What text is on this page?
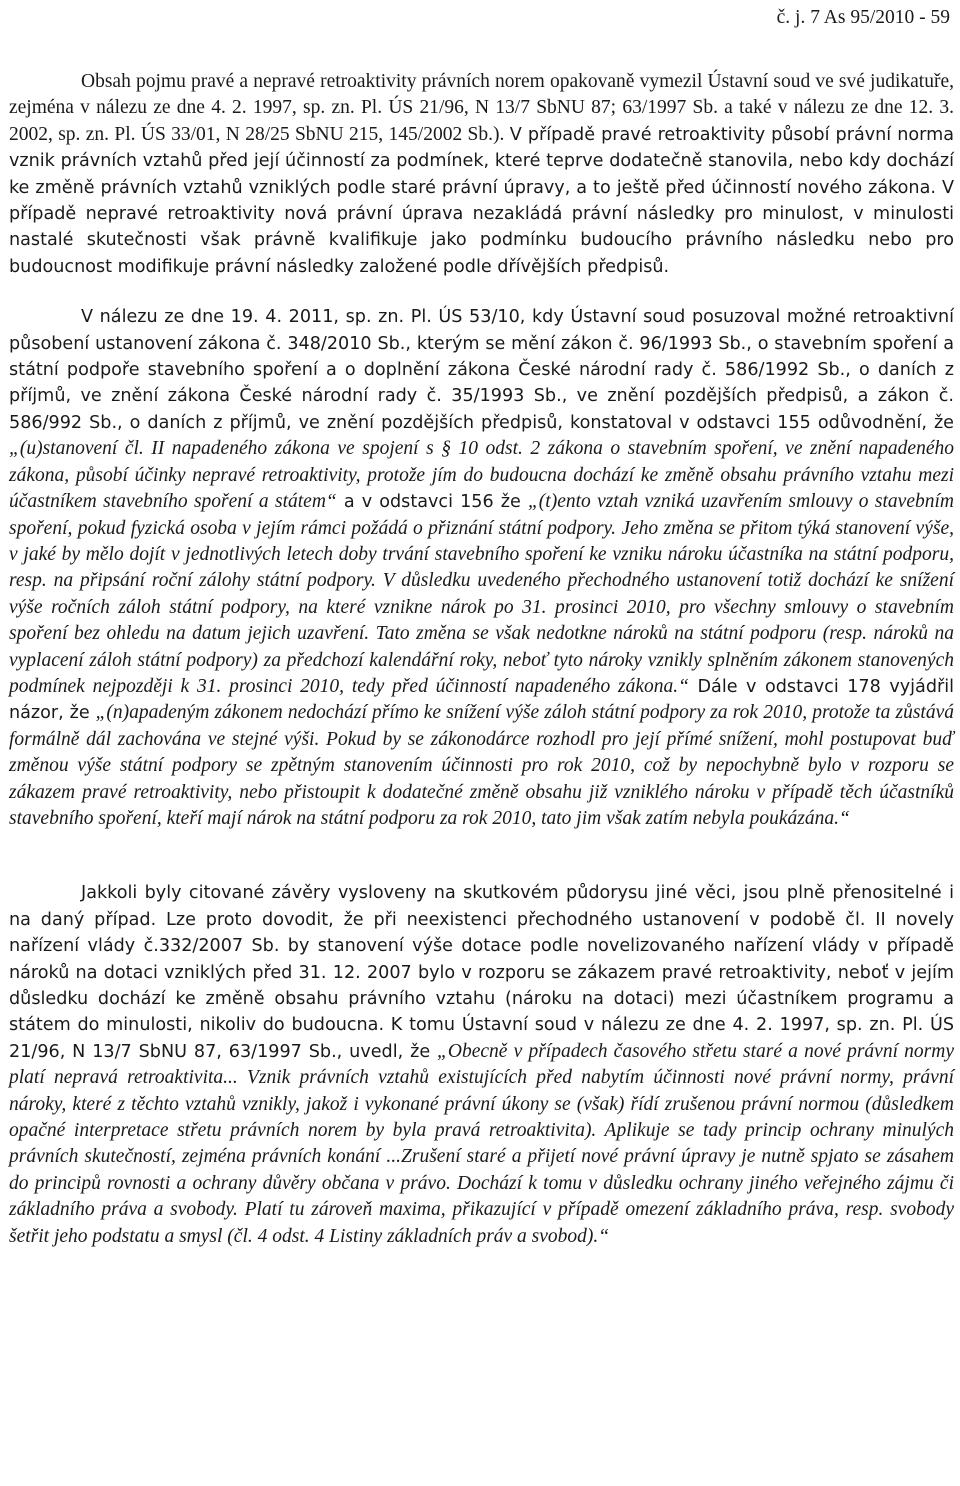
č. j. 7 As 95/2010 - 59

Obsah pojmu pravé a nepravé retroaktivity právních norem opakovaně vymezil Ústavní soud ve své judikatuře, zejména v nálezu ze dne 4. 2. 1997, sp. zn. Pl. ÚS 21/96, N 13/7 SbNU 87; 63/1997 Sb. a také v nálezu ze dne 12. 3. 2002, sp. zn. Pl. ÚS 33/01, N 28/25 SbNU 215, 145/2002 Sb.). V případě pravé retroaktivity působí právní norma vznik právních vztahů před její účinností za podmínek, které teprve dodatečně stanovila, nebo kdy dochází ke změně právních vztahů vzniklých podle staré právní úpravy, a to ještě před účinností nového zákona. V případě nepravé retroaktivity nová právní úprava nezakládá právní následky pro minulost, v minulosti nastalé skutečnosti však právně kvalifikuje jako podmínku budoucího právního následku nebo pro budoucnost modifikuje právní následky založené podle dřívějších předpisů.

V nálezu ze dne 19. 4. 2011, sp. zn. Pl. ÚS 53/10, kdy Ústavní soud posuzoval možné retroaktivní působení ustanovení zákona č. 348/2010 Sb., kterým se mění zákon č. 96/1993 Sb., o stavebním spoření a státní podpoře stavebního spoření a o doplnění zákona České národní rady č. 586/1992 Sb., o daních z příjmů, ve znění zákona České národní rady č. 35/1993 Sb., ve znění pozdějších předpisů, a zákon č. 586/992 Sb., o daních z příjmů, ve znění pozdějších předpisů, konstatoval v odstavci 155 odůvodnění, že „(u)stanovení čl. II napadeného zákona ve spojení s § 10 odst. 2 zákona o stavebním spoření, ve znění napadeného zákona, působí účinky nepravé retroaktivity, protože jím do budoucna dochází ke změně obsahu právního vztahu mezi účastníkem stavebního spoření a státem“ a v odstavci 156 že „(t)ento vztah vzniká uzavřením smlouvy o stavebním spoření, pokud fyzická osoba v jejím rámci požádá o přiznání státní podpory. Jeho změna se přitom týká stanovení výše, v jaké by mělo dojít v jednotlivých letech doby trvání stavebního spoření ke vzniku nároku účastníka na státní podporu, resp. na připsání roční zálohy státní podpory. V důsledku uvedeného přechodného ustanovení totiž dochází ke snížení výše ročních záloh státní podpory, na které vznikne nárok po 31. prosinci 2010, pro všechny smlouvy o stavebním spoření bez ohledu na datum jejich uzavření. Tato změna se však nedotkne nároků na státní podporu (resp. nároků na vyplacení záloh státní podpory) za předchozí kalendářní roky, neboť tyto nároky vznikly splněním zákonem stanovených podmínek nejpozději k 31. prosinci 2010, tedy před účinností napadeného zákona.“ Dále v odstavci 178 vyjádřil názor, že „(n)apadeným zákonem nedochází přímo ke snížení výše záloh státní podpory za rok 2010, protože ta zůstává formálně dál zachována ve stejné výši. Pokud by se zákonodárce rozhodl pro její přímé snížení, mohl postupovat buď změnou výše státní podpory se zpětným stanovením účinnosti pro rok 2010, což by nepochybně bylo v rozporu se zákazem pravé retroaktivity, nebo přistoupit k dodatečné změně obsahu již vzniklého nároku v případě těch účastníků stavebního spoření, kteří mají nárok na státní podporu za rok 2010, tato jim však zatím nebyla poukázána.“

Jakkoli byly citované závěry vysloveny na skutkovém půdorysu jiné věci, jsou plně přenositelné i na daný případ. Lze proto dovodit, že při neexistenci přechodného ustanovení v podobě čl. II novely nařízení vlády č.332/2007 Sb. by stanovení výše dotace podle novelizovaného nařízení vlády v případě nároků na dotaci vzniklých před 31. 12. 2007 bylo v rozporu se zákazem pravé retroaktivity, neboť v jejím důsledku dochází ke změně obsahu právního vztahu (nároku na dotaci) mezi účastníkem programu a státem do minulosti, nikoliv do budoucna. K tomu Ústavní soud v nálezu ze dne 4. 2. 1997, sp. zn. Pl. ÚS 21/96, N 13/7 SbNU 87, 63/1997 Sb., uvedl, že „Obecně v případech časového střetu staré a nové právní normy platí nepravá retroaktivita... Vznik právních vztahů existujících před nabytím účinnosti nové právní normy, právní nároky, které z těchto vztahů vznikly, jakož i vykonané právní úkony se (však) řídí zrušenou právní normou (důsledkem opačné interpretace střetu právních norem by byla pravá retroaktivita). Aplikuje se tady princip ochrany minulých právních skutečností, zejména právních konání ...Zrušení staré a přijetí nové právní úpravy je nutně spjato se zásahem do principů rovnosti a ochrany důvěry občana v právo. Dochází k tomu v důsledku ochrany jiného veřejného zájmu či základního práva a svobody. Platí tu zároveň maxima, přikazující v případě omezení základního práva, resp. svobody šetřit jeho podstatu a smysl (čl. 4 odst. 4 Listiny základních práv a svobod).“
